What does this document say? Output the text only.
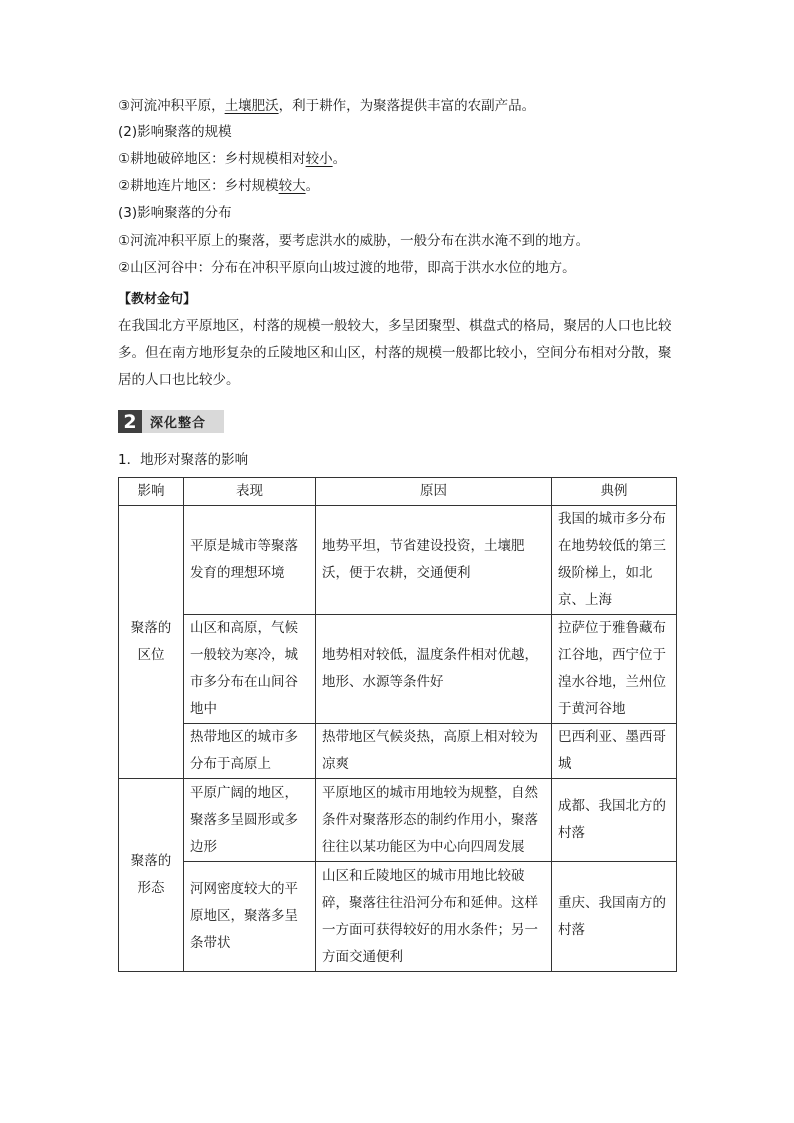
③河流冲积平原，土壤肥沃，利于耕作，为聚落提供丰富的农副产品。
(2)影响聚落的规模
①耕地破碎地区：乡村规模相对较小。
②耕地连片地区：乡村规模较大。
(3)影响聚落的分布
①河流冲积平原上的聚落，要考虑洪水的威胁，一般分布在洪水淹不到的地方。
②山区河谷中：分布在冲积平原向山坡过渡的地带，即高于洪水水位的地方。
【教材金句】

在我国北方平原地区，村落的规模一般较大，多呈团聚型、棋盘式的格局，聚居的人口也比较多。但在南方地形复杂的丘陵地区和山区，村落的规模一般都比较小，空间分布相对分散，聚居的人口也比较少。

2	深化整合
1．地形对聚落的影响
影响	表现	原因	典例
聚落的区位	平原是城市等聚落发育的理想环境	地势平坦，节省建设投资，土壤肥沃，便于农耕，交通便利	我国的城市多分布在地势较低的第三级阶梯上，如北京、上海
	山区和高原，气候一般较为寒冷，城市多分布在山间谷地中	地势相对较低，温度条件相对优越，地形、水源等条件好	拉萨位于雅鲁藏布江谷地，西宁位于湟水谷地，兰州位于黄河谷地
	热带地区的城市多分布于高原上	热带地区气候炎热，高原上相对较为凉爽	巴西利亚、墨西哥城
聚落的形态	平原广阔的地区，聚落多呈圆形或多边形	平原地区的城市用地较为规整，自然条件对聚落形态的制约作用小，聚落往往以某功能区为中心向四周发展	成都、我国北方的村落
	河网密度较大的平原地区，聚落多呈条带状	山区和丘陵地区的城市用地比较破碎，聚落往往沿河分布和延伸。这样一方面可获得较好的用水条件；另一方面交通便利	重庆、我国南方的村落
